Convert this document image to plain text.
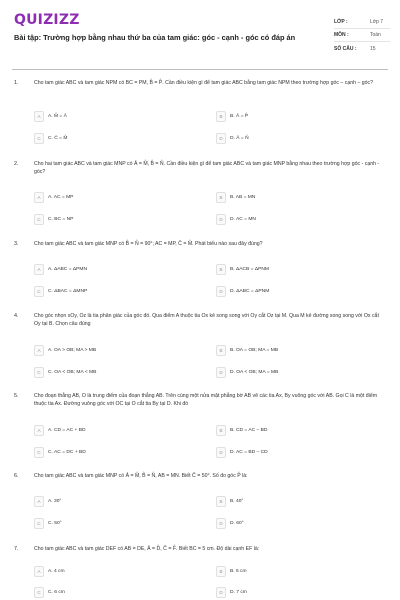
QUIZIZZ
Bài tập: Trường hợp bằng nhau thứ ba của tam giác: góc - cạnh - góc có đáp án
LỚP :	Lớp 7
MÔN :	Toán
SỐ CÂU :	15
1.	Cho tam giác ABC và tam giác NPM có BC = PM, B̂ = P̂. Cần điều kiện gì để tam giác ABC bằng tam giác NPM theo trường hợp góc – cạnh – góc?
A	A. M̂ = Â	B	B. Â = P̂
C	C. Ĉ = M̂	D	D. Â = N̂
2.	Cho hai tam giác ABC và tam giác MNP có Â = M̂, B̂ = N̂. Cần điều kiện gì để tam giác ABC và tam giác MNP bằng nhau theo trường hợp góc - cạnh - góc?
A	A. AC = MP	B	B. AB = MN
C	C. BC = NP	D	D. AC = MN
3.	Cho tam giác ABC và tam giác MNP có B̂ = N̂ = 90°; AC = MP, Ĉ = M̂. Phát biểu nào sau đây đúng?
A	A. ΔABC = ΔPMN	B	B. ΔACB = ΔPNM
C	C. ΔBAC = ΔMNP	D	D. ΔABC = ΔPNM
4.	Cho góc nhọn xOy, Oz là tia phân giác của góc đó. Qua điểm A thuộc tia Ox kẻ song song với Oy cắt Oz tại M. Qua M kẻ đường song song với Ox cắt Oy tại B. Chọn câu đúng
A	A. OA > OB; MA > MB	B	B. OA = OB; MA = MB
C	C. OA < OB; MA < MB	D	D. OA < OB; MA = MB
5.	Cho đoạn thẳng AB, O là trung điểm của đoạn thẳng AB. Trên cùng một nửa mặt phẳng bờ AB vẽ các tia Ax, By vuông góc với AB. Gọi C là một điểm thuộc tia Ax. Đường vuông góc với OC tại O cắt tia By tại D. Khi đó
A	A. CD = AC + BD	B	B. CD = AC – BD
C	C. AC = DC + BD	D	D. AC = BD – CD
6.	Cho tam giác ABC và tam giác MNP có Â = M̂, B̂ = N̂, AB = MN. Biết Ĉ = 50°. Số đo góc P̂ là:
A	A. 30°	B	B. 40°
C	C. 50°	D	D. 60°
7.	Cho tam giác ABC và tam giác DEF có AB = DE, Â = D̂, Ĉ = F̂. Biết BC = 5 cm. Độ dài cạnh EF là:
A	A. 4 cm	B	B. 5 cm
C	C. 6 cm	D	D. 7 cm
